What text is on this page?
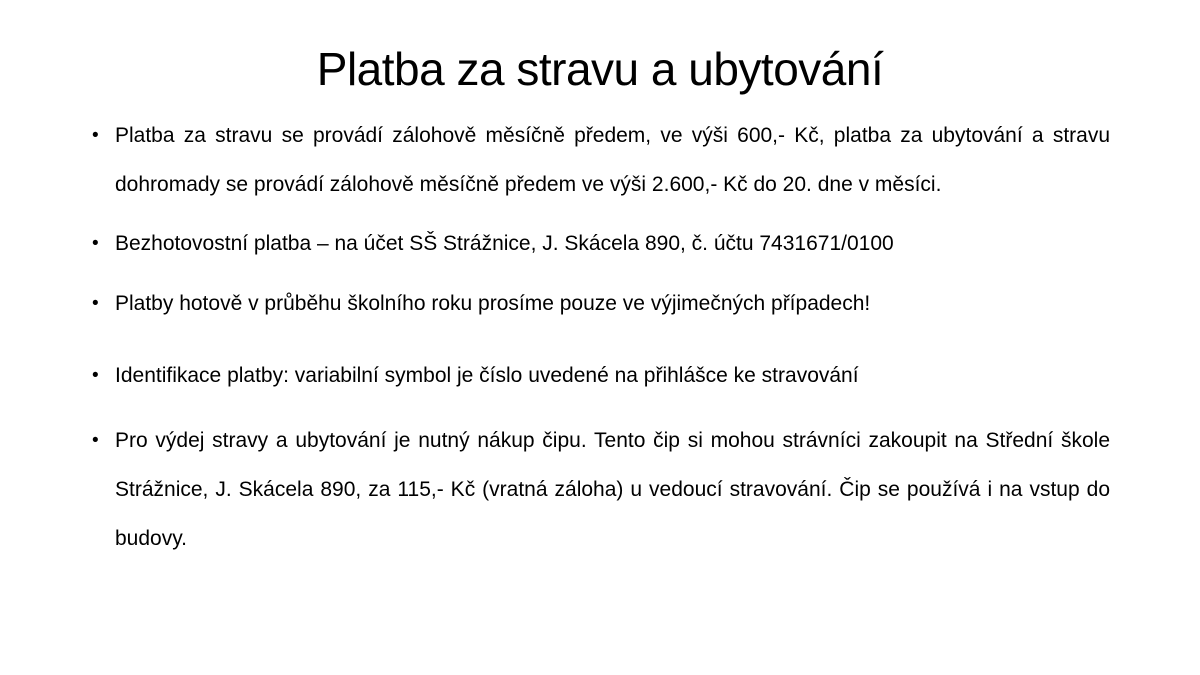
Platba za stravu a ubytování
• Platba za stravu se provádí zálohově měsíčně předem, ve výši 600,- Kč, platba za ubytování a stravu dohromady se provádí zálohově měsíčně předem ve výši 2.600,- Kč do 20. dne v měsíci.
• Bezhotovostní platba – na účet SŠ Strážnice, J. Skácela 890, č. účtu 7431671/0100
• Platby hotově v průběhu školního roku prosíme pouze ve výjimečných případech!
• Identifikace platby: variabilní symbol je číslo uvedené na přihlášce ke stravování
• Pro výdej stravy a ubytování je nutný nákup čipu. Tento čip si mohou strávníci zakoupit na Střední škole Strážnice, J. Skácela 890, za 115,- Kč (vratná záloha) u vedoucí stravování. Čip se používá i na vstup do budovy.
